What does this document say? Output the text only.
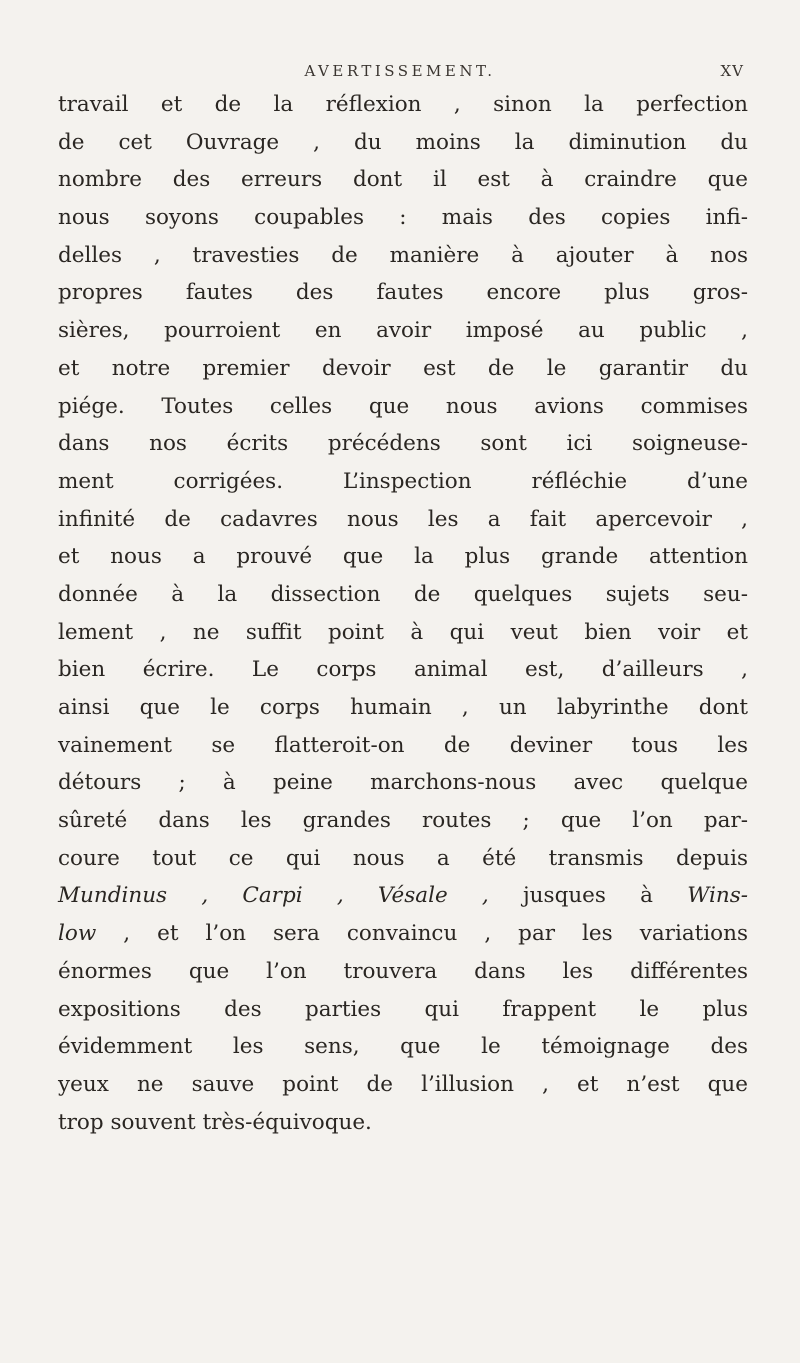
AVERTISSEMENT.	XV
travail et de la réflexion , sinon la perfection
de cet Ouvrage , du moins la diminution du
nombre des erreurs dont il est à craindre que
nous soyons coupables : mais des copies infi-
delles , travesties de manière à ajouter à nos
propres fautes des fautes encore plus gros-
sières, pourroient en avoir imposé au public ,
et notre premier devoir est de le garantir du
piége. Toutes celles que nous avions commises
dans nos écrits précédens sont ici soigneuse-
ment corrigées. L’inspection réfléchie d’une
infinité de cadavres nous les a fait apercevoir ,
et nous a prouvé que la plus grande attention
donnée à la dissection de quelques sujets seu-
lement , ne suffit point à qui veut bien voir et
bien écrire. Le corps animal est, d’ailleurs ,
ainsi que le corps humain , un labyrinthe dont
vainement se flatteroit-on de deviner tous les
détours ; à peine marchons-nous avec quelque
sûreté dans les grandes routes ; que l’on par-
coure tout ce qui nous a été transmis depuis
Mundinus , Carpi , Vésale , jusques à Wins-
low , et l’on sera convaincu , par les variations
énormes que l’on trouvera dans les différentes
expositions des parties qui frappent le plus
évidemment les sens, que le témoignage des
yeux ne sauve point de l’illusion , et n’est que
trop souvent très-équivoque.
